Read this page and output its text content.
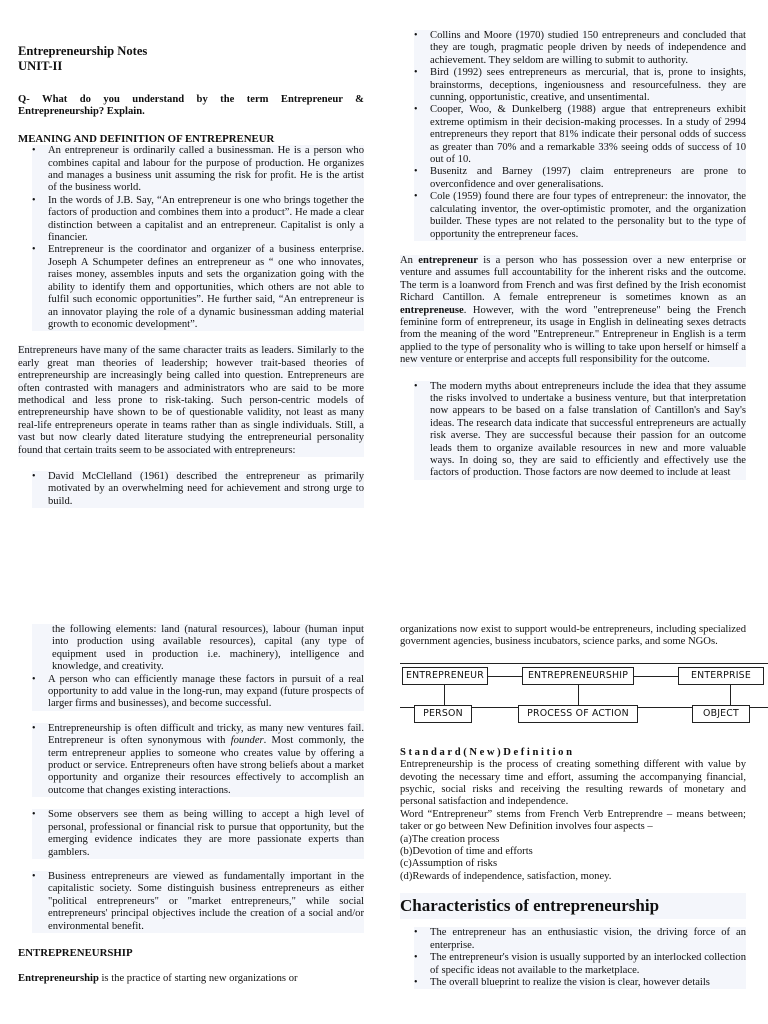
Entrepreneurship Notes
UNIT-II

Q- What do you understand by the term Entrepreneur & Entrepreneurship? Explain.

MEANING AND DEFINITION OF ENTREPRENEUR

• An entrepreneur is ordinarily called a businessman. He is a person who combines capital and labour for the purpose of production. He organizes and manages a business unit assuming the risk for profit. He is the artist of the business world.
• In the words of J.B. Say, “An entrepreneur is one who brings together the factors of production and combines them into a product”. He made a clear distinction between a capitalist and an entrepreneur. Capitalist is only a financier.
• Entrepreneur is the coordinator and organizer of a business enterprise. Joseph A Schumpeter defines an entrepreneur as “ one who innovates, raises money, assembles inputs and sets the organization going with the ability to identify them and opportunities, which others are not able to fulfil such economic opportunities”. He further said, “An entrepreneur is an innovator playing the role of a dynamic businessman adding material growth to economic development”.

Entrepreneurs have many of the same character traits as leaders. Similarly to the early great man theories of leadership; however trait-based theories of entrepreneurship are increasingly being called into question. Entrepreneurs are often contrasted with managers and administrators who are said to be more methodical and less prone to risk-taking. Such person-centric models of entrepreneurship have shown to be of questionable validity, not least as many real-life entrepreneurs operate in teams rather than as single individuals. Still, a vast but now clearly dated literature studying the entrepreneurial personality found that certain traits seem to be associated with entrepreneurs:

• David McClelland (1961) described the entrepreneur as primarily motivated by an overwhelming need for achievement and strong urge to build.
• Collins and Moore (1970) studied 150 entrepreneurs and concluded that they are tough, pragmatic people driven by needs of independence and achievement. They seldom are willing to submit to authority.
• Bird (1992) sees entrepreneurs as mercurial, that is, prone to insights, brainstorms, deceptions, ingeniousness and resourcefulness. they are cunning, opportunistic, creative, and unsentimental.
• Cooper, Woo, & Dunkelberg (1988) argue that entrepreneurs exhibit extreme optimism in their decision-making processes. In a study of 2994 entrepreneurs they report that 81% indicate their personal odds of success as greater than 70% and a remarkable 33% seeing odds of success of 10 out of 10.
• Busenitz and Barney (1997) claim entrepreneurs are prone to overconfidence and over generalisations.
• Cole (1959) found there are four types of entrepreneur: the innovator, the calculating inventor, the over-optimistic promoter, and the organization builder. These types are not related to the personality but to the type of opportunity the entrepreneur faces.

An entrepreneur is a person who has possession over a new enterprise or venture and assumes full accountability for the inherent risks and the outcome. The term is a loanword from French and was first defined by the Irish economist Richard Cantillon. A female entrepreneur is sometimes known as an entrepreneuse. However, with the word "entrepreneuse" being the French feminine form of entrepreneur, its usage in English in delineating sexes detracts from the meaning of the word "Entrepreneur." Entrepreneur in English is a term applied to the type of personality who is willing to take upon herself or himself a new venture or enterprise and accepts full responsibility for the outcome.

• The modern myths about entrepreneurs include the idea that they assume the risks involved to undertake a business venture, but that interpretation now appears to be based on a false translation of Cantillon's and Say's ideas. The research data indicate that successful entrepreneurs are actually risk averse. They are successful because their passion for an outcome leads them to organize available resources in new and more valuable ways. In doing so, they are said to efficiently and effectively use the factors of production. Those factors are now deemed to include at least

the following elements: land (natural resources), labour (human input into production using available resources), capital (any type of equipment used in production i.e. machinery), intelligence and knowledge, and creativity.

• A person who can efficiently manage these factors in pursuit of a real opportunity to add value in the long-run, may expand (future prospects of larger firms and businesses), and become successful.
• Entrepreneurship is often difficult and tricky, as many new ventures fail. Entrepreneur is often synonymous with founder. Most commonly, the term entrepreneur applies to someone who creates value by offering a product or service. Entrepreneurs often have strong beliefs about a market opportunity and organize their resources effectively to accomplish an outcome that changes existing interactions.
• Some observers see them as being willing to accept a high level of personal, professional or financial risk to pursue that opportunity, but the emerging evidence indicates they are more passionate experts than gamblers.
• Business entrepreneurs are viewed as fundamentally important in the capitalistic society. Some distinguish business entrepreneurs as either "political entrepreneurs" or "market entrepreneurs," while social entrepreneurs' principal objectives include the creation of a social and/or environmental benefit.

ENTREPRENEURSHIP

Entrepreneurship is the practice of starting new organizations or

organizations now exist to support would-be entrepreneurs, including specialized government agencies, business incubators, science parks, and some NGOs.

ENTREPRENEUR	ENTREPRENEURSHIP	ENTERPRISE
PERSON	PROCESS OF ACTION	OBJECT

Standard(New)Definition

Entrepreneurship is the process of creating something different with value by devoting the necessary time and effort, assuming the accompanying financial, psychic, social risks and receiving the resulting rewards of monetary and personal satisfaction and independence.

Word “Entrepreneur” stems from French Verb Entreprendre – means between; taker or go between New Definition involves four aspects –

(a)The creation process

(b)Devotion of time and efforts

(c)Assumption of risks

(d)Rewards of independence, satisfaction, money.

Characteristics of entrepreneurship
• The entrepreneur has an enthusiastic vision, the driving force of an enterprise.
• The entrepreneur's vision is usually supported by an interlocked collection of specific ideas not available to the marketplace.
• The overall blueprint to realize the vision is clear, however details
